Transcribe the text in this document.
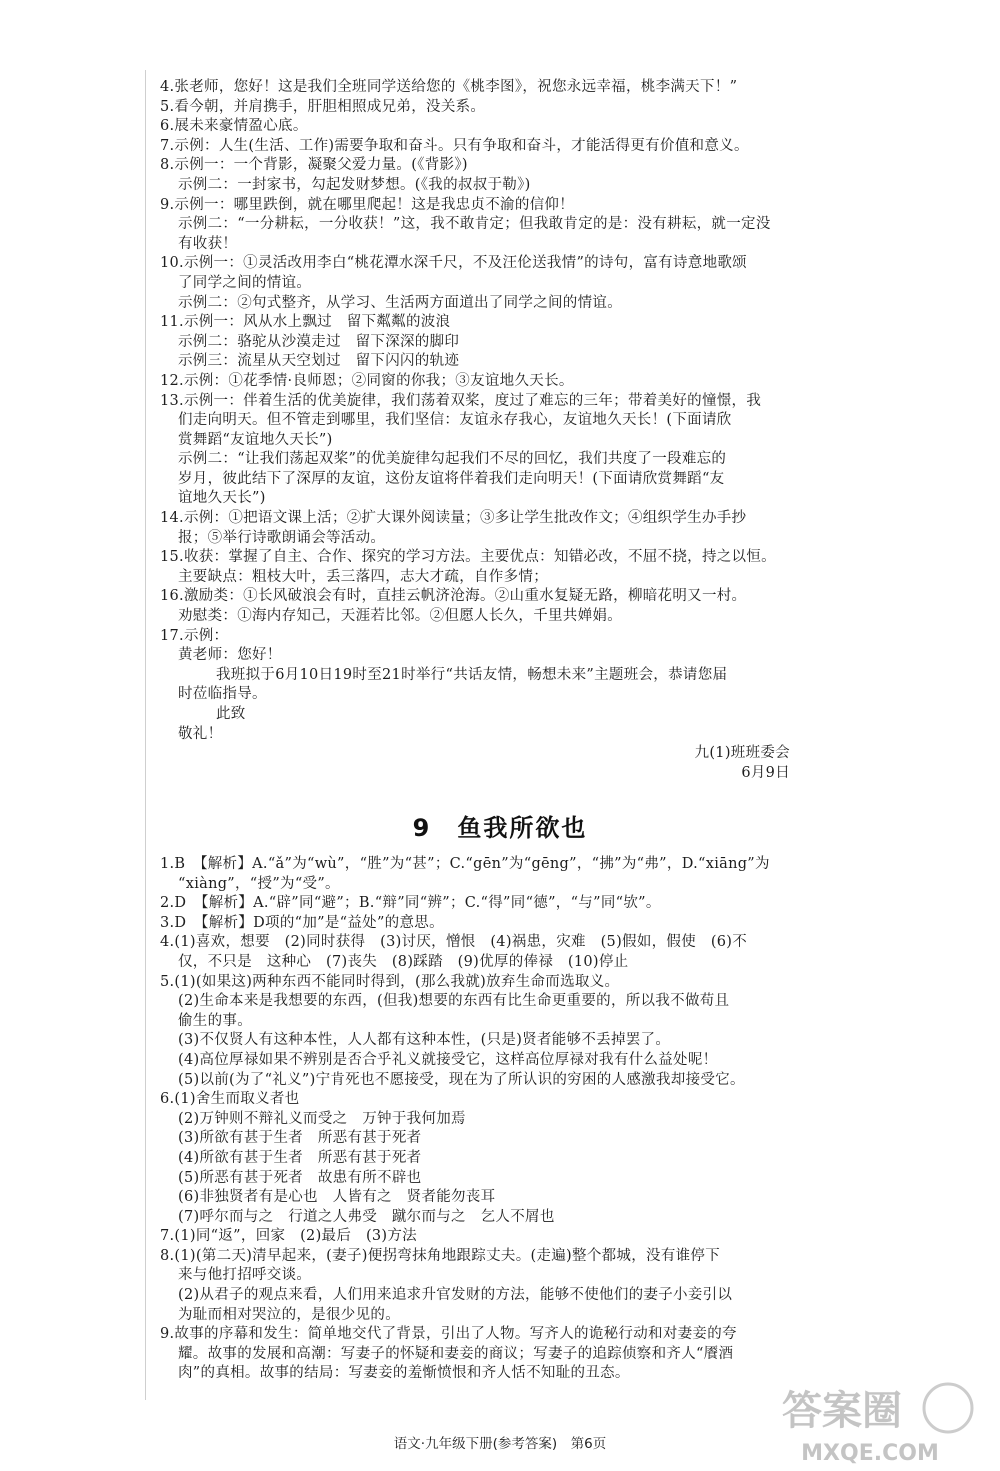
4.张老师，您好！这是我们全班同学送给您的《桃李图》，祝您永远幸福，桃李满天下！”
5.看今朝，并肩携手，肝胆相照成兄弟，没关系。
6.展未来豪情盈心底。
7.示例：人生(生活、工作)需要争取和奋斗。只有争取和奋斗，才能活得更有价值和意义。
8.示例一：一个背影，凝聚父爱力量。(《背影》)
示例二：一封家书，勾起发财梦想。(《我的叔叔于勒》)
9.示例一：哪里跌倒，就在哪里爬起！这是我忠贞不渝的信仰！
示例二：“一分耕耘，一分收获！”这，我不敢肯定；但我敢肯定的是：没有耕耘，就一定没
有收获！
10.示例一：①灵活改用李白“桃花潭水深千尺，不及汪伦送我情”的诗句，富有诗意地歌颂
了同学之间的情谊。
示例二：②句式整齐，从学习、生活两方面道出了同学之间的情谊。
11.示例一：风从水上飘过　留下粼粼的波浪
示例二：骆驼从沙漠走过　留下深深的脚印
示例三：流星从天空划过　留下闪闪的轨迹
12.示例：①花季情·良师恩；②同窗的你我；③友谊地久天长。
13.示例一：伴着生活的优美旋律，我们荡着双桨，度过了难忘的三年；带着美好的憧憬，我
们走向明天。但不管走到哪里，我们坚信：友谊永存我心，友谊地久天长！(下面请欣
赏舞蹈“友谊地久天长”)
示例二：“让我们荡起双桨”的优美旋律勾起我们不尽的回忆，我们共度了一段难忘的
岁月，彼此结下了深厚的友谊，这份友谊将伴着我们走向明天！(下面请欣赏舞蹈“友
谊地久天长”)
14.示例：①把语文课上活；②扩大课外阅读量；③多让学生批改作文；④组织学生办手抄
报；⑤举行诗歌朗诵会等活动。
15.收获：掌握了自主、合作、探究的学习方法。主要优点：知错必改，不屈不挠，持之以恒。
主要缺点：粗枝大叶，丢三落四，志大才疏，自作多情；
16.激励类：①长风破浪会有时，直挂云帆济沧海。②山重水复疑无路，柳暗花明又一村。
劝慰类：①海内存知己，天涯若比邻。②但愿人长久，千里共婵娟。
17.示例：
黄老师：您好！
我班拟于6月10日19时至21时举行“共话友情，畅想未来”主题班会，恭请您届
时莅临指导。
此致
敬礼！
九(1)班班委会
6月9日
9 鱼我所欲也
1.B　【解析】A.“ǎ”为“wù”，“胜”为“甚”；C.“gēn”为“gēng”，“拂”为“弗”，D.“xiāng”为
“xiàng”，“授”为“受”。
2.D　【解析】A.“辟”同“避”；B.“辩”同“辨”；C.“得”同“德”，“与”同“欤”。
3.D　【解析】D项的“加”是“益处”的意思。
4.(1)喜欢，想要　(2)同时获得　(3)讨厌，憎恨　(4)祸患，灾难　(5)假如，假使　(6)不
仅，不只是　这种心　(7)丧失　(8)踩踏　(9)优厚的俸禄　(10)停止
5.(1)(如果这)两种东西不能同时得到，(那么我就)放弃生命而选取义。
(2)生命本来是我想要的东西，(但我)想要的东西有比生命更重要的，所以我不做苟且
偷生的事。
(3)不仅贤人有这种本性，人人都有这种本性，(只是)贤者能够不丢掉罢了。
(4)高位厚禄如果不辨别是否合乎礼义就接受它，这样高位厚禄对我有什么益处呢！
(5)以前(为了“礼义”)宁肯死也不愿接受，现在为了所认识的穷困的人感激我却接受它。
6.(1)舍生而取义者也
(2)万钟则不辩礼义而受之　万钟于我何加焉
(3)所欲有甚于生者　所恶有甚于死者
(4)所欲有甚于生者　所恶有甚于死者
(5)所恶有甚于死者　故患有所不辟也
(6)非独贤者有是心也　人皆有之　贤者能勿丧耳
(7)呼尔而与之　行道之人弗受　蹴尔而与之　乞人不屑也
7.(1)同“返”，回家　(2)最后　(3)方法
8.(1)(第二天)清早起来，(妻子)便拐弯抹角地跟踪丈夫。(走遍)整个都城，没有谁停下
来与他打招呼交谈。
(2)从君子的观点来看，人们用来追求升官发财的方法，能够不使他们的妻子小妾引以
为耻而相对哭泣的，是很少见的。
9.故事的序幕和发生：简单地交代了背景，引出了人物。写齐人的诡秘行动和对妻妾的夸
耀。故事的发展和高潮：写妻子的怀疑和妻妾的商议；写妻子的追踪侦察和齐人“餍酒
肉”的真相。故事的结局：写妻妾的羞惭愤恨和齐人恬不知耻的丑态。
语文·九年级下册(参考答案)　第6页
答案圈
MXQE.COM
